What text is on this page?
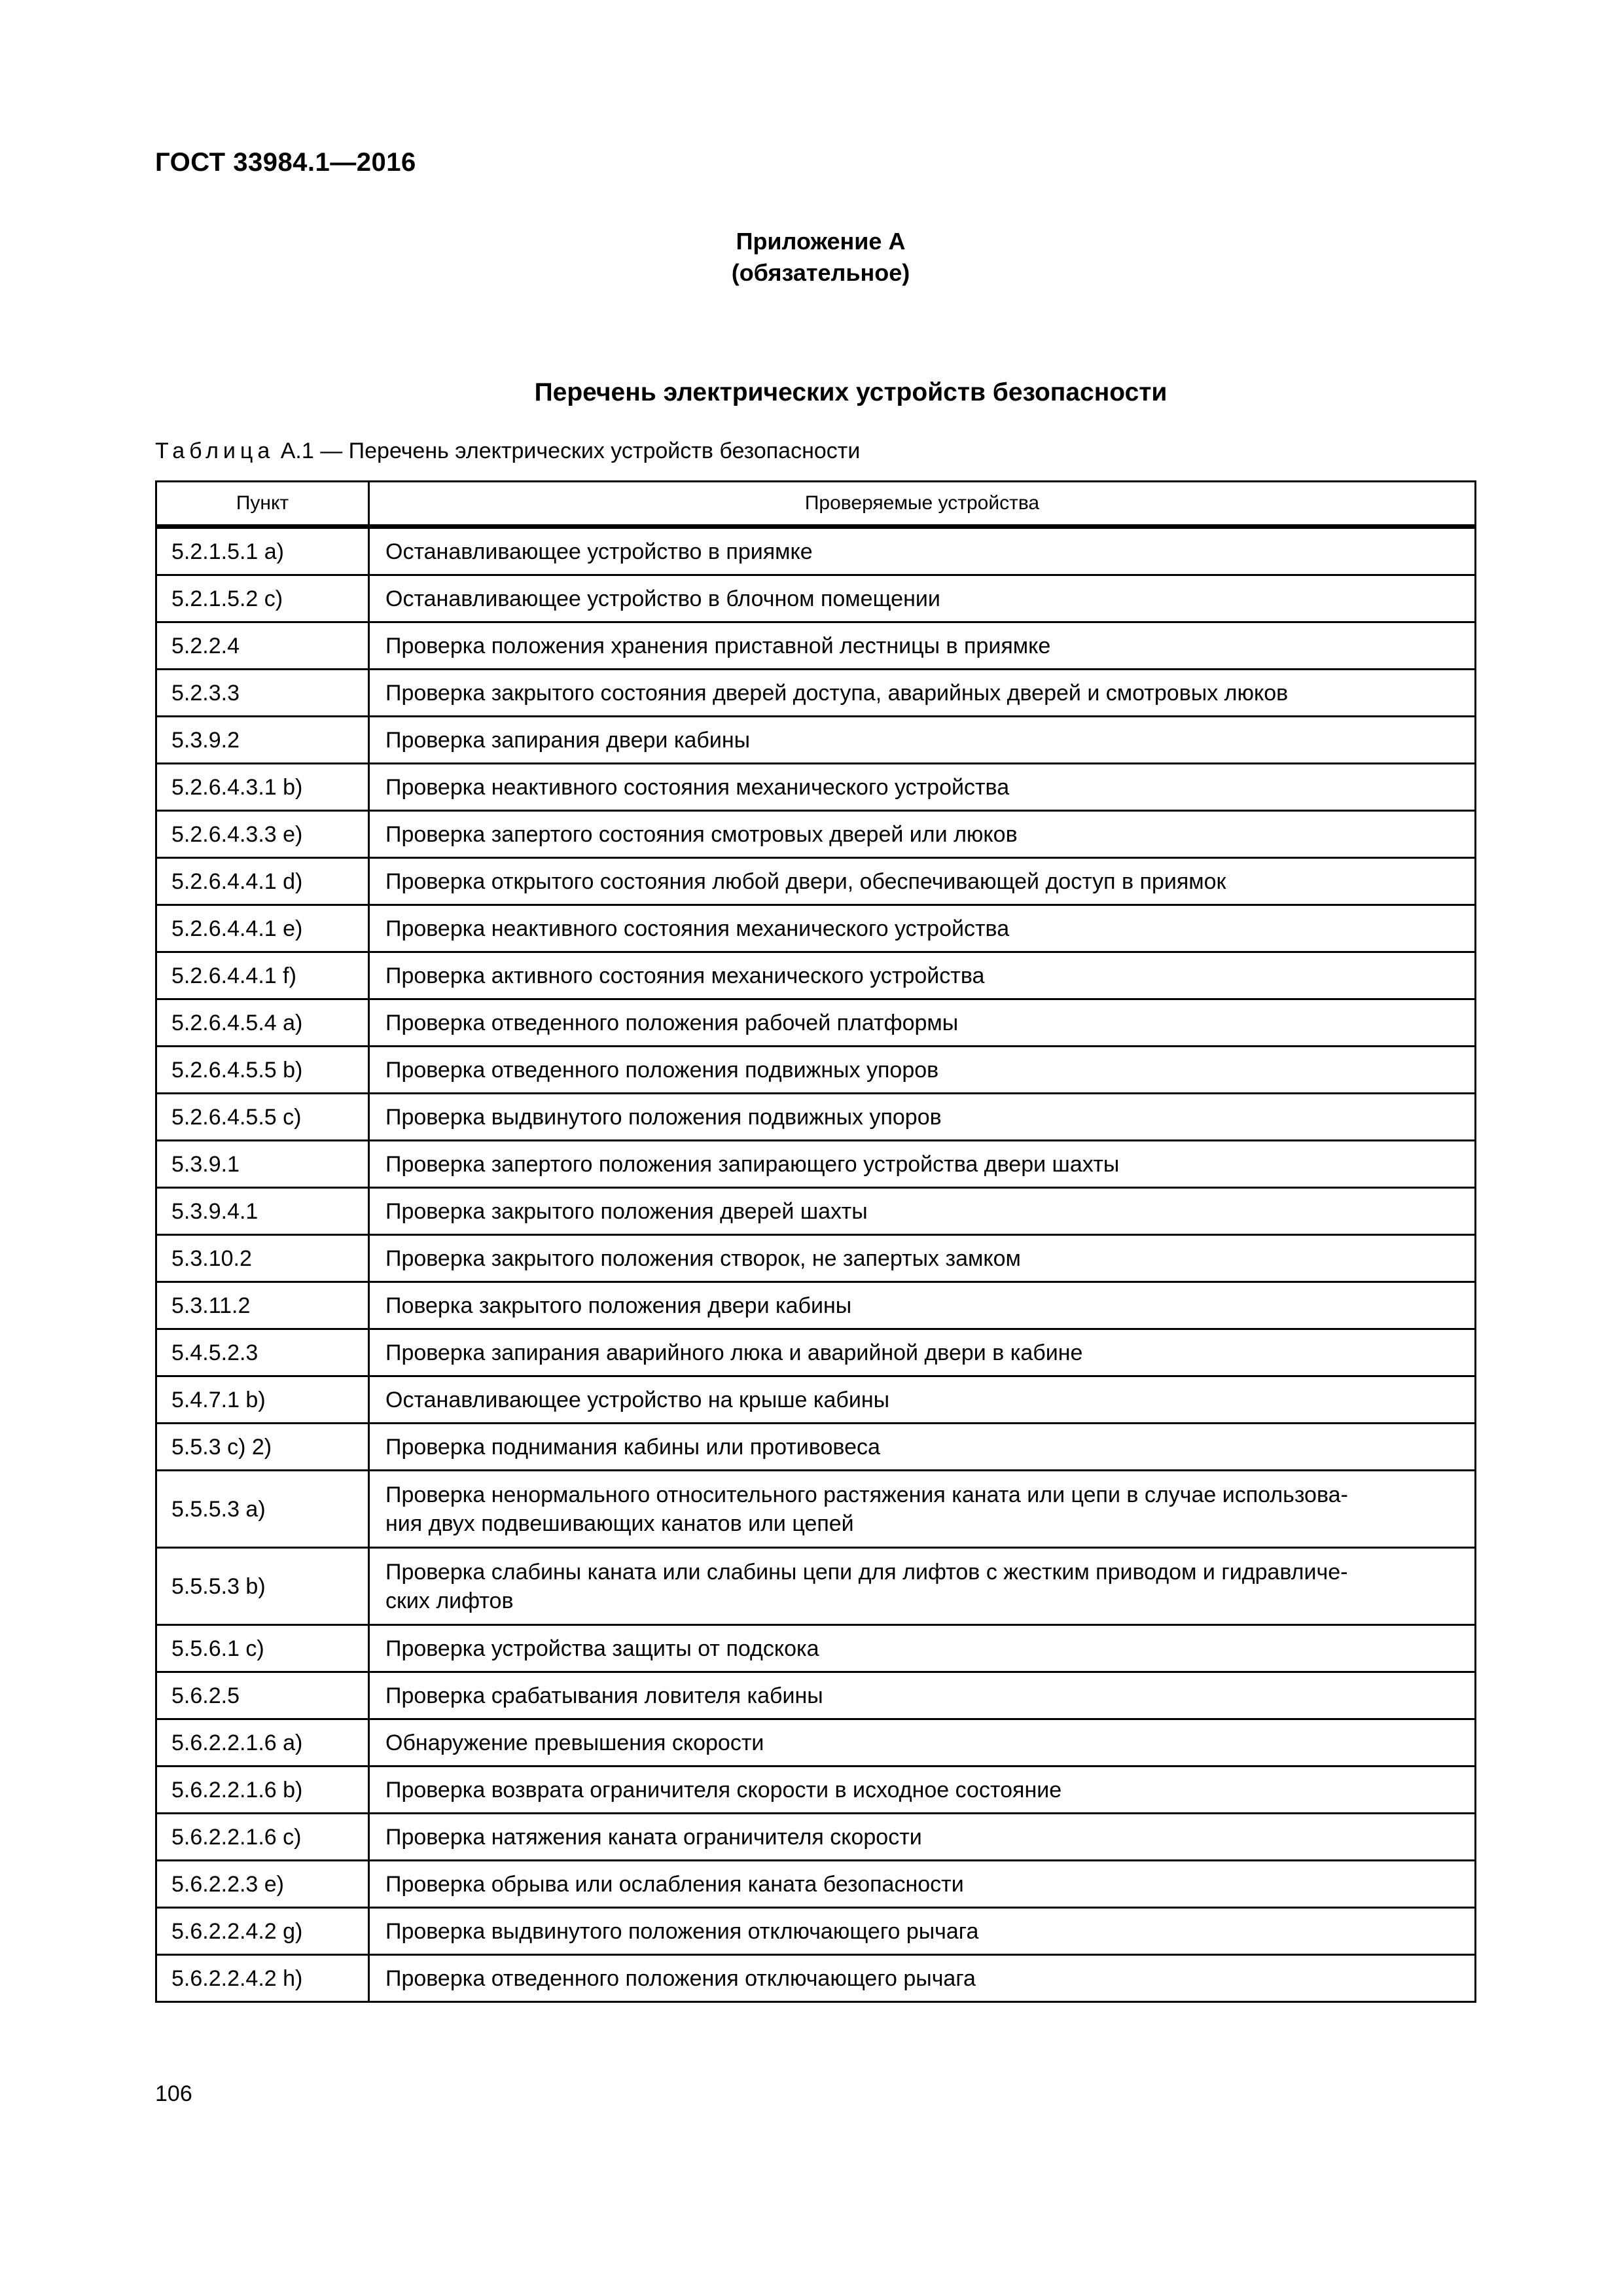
ГОСТ 33984.1—2016
Приложение А
(обязательное)
Перечень электрических устройств безопасности
Таблица А.1 — Перечень электрических устройств безопасности
Пункт	Проверяемые устройства
5.2.1.5.1 a)	Останавливающее устройство в приямке
5.2.1.5.2 c)	Останавливающее устройство в блочном помещении
5.2.2.4	Проверка положения хранения приставной лестницы в приямке
5.2.3.3	Проверка закрытого состояния дверей доступа, аварийных дверей и смотровых люков
5.3.9.2	Проверка запирания двери кабины
5.2.6.4.3.1 b)	Проверка неактивного состояния механического устройства
5.2.6.4.3.3 e)	Проверка запертого состояния смотровых дверей или люков
5.2.6.4.4.1 d)	Проверка открытого состояния любой двери, обеспечивающей доступ в приямок
5.2.6.4.4.1 e)	Проверка неактивного состояния механического устройства
5.2.6.4.4.1 f)	Проверка активного состояния механического устройства
5.2.6.4.5.4 a)	Проверка отведенного положения рабочей платформы
5.2.6.4.5.5 b)	Проверка отведенного положения подвижных упоров
5.2.6.4.5.5 c)	Проверка выдвинутого положения подвижных упоров
5.3.9.1	Проверка запертого положения запирающего устройства двери шахты
5.3.9.4.1	Проверка закрытого положения дверей шахты
5.3.10.2	Проверка закрытого положения створок, не запертых замком
5.3.11.2	Поверка закрытого положения двери кабины
5.4.5.2.3	Проверка запирания аварийного люка и аварийной двери в кабине
5.4.7.1 b)	Останавливающее устройство на крыше кабины
5.5.3 c) 2)	Проверка поднимания кабины или противовеса
5.5.5.3 a)	Проверка ненормального относительного растяжения каната или цепи в случае использова-
ния двух подвешивающих канатов или цепей
5.5.5.3 b)	Проверка слабины каната или слабины цепи для лифтов с жестким приводом и гидравличе-
ских лифтов
5.5.6.1 c)	Проверка устройства защиты от подскока
5.6.2.5	Проверка срабатывания ловителя кабины
5.6.2.2.1.6 a)	Обнаружение превышения скорости
5.6.2.2.1.6 b)	Проверка возврата ограничителя скорости в исходное состояние
5.6.2.2.1.6 c)	Проверка натяжения каната ограничителя скорости
5.6.2.2.3 e)	Проверка обрыва или ослабления каната безопасности
5.6.2.2.4.2 g)	Проверка выдвинутого положения отключающего рычага
5.6.2.2.4.2 h)	Проверка отведенного положения отключающего рычага
106
